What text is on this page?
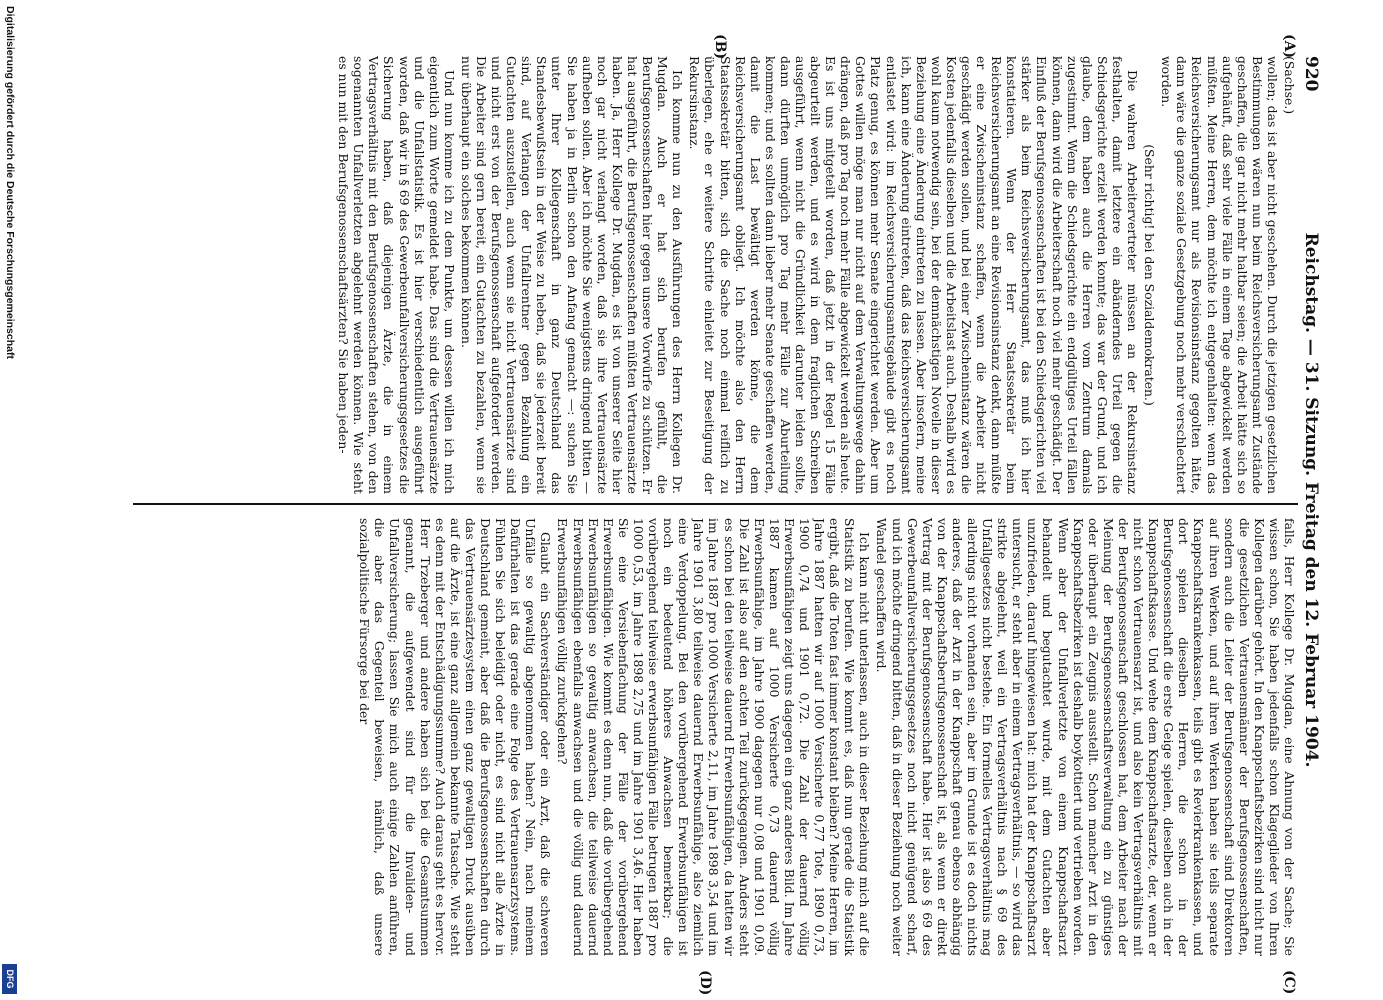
920
Reichstag. — 31. Sitzung. Freitag den 12. Februar 1904.
(A)
(B)
(C)
(D)

(Sachse.)

wollen; das ist aber nicht geschehen. Durch die jetzigen gesetzlichen Bestimmungen wären nun beim Reichsversicherungsamt Zustände geschaffen, die gar nicht mehr haltbar seien; die Arbeit hätte sich so aufgehäuft, daß sehr viele Fälle in einem Tage abgewickelt werden müßten. Meine Herren, dem möchte ich entgegenhalten: wenn das Reichsversicherungsamt nur als Revisionsinstanz gegolten hätte, dann wäre die ganze soziale Gesetzgebung noch mehr verschlechtert worden.

(Sehr richtig! bei den Sozialdemokraten.)

Die wahren Arbeitervertreter müssen an der Rekursinstanz festhalten, damit letztere ein abänderndes Urteil gegen die Schiedsgerichte erzielt werden konnte; das war der Grund, und ich glaube, dem haben auch die Herren vom Zentrum damals zugestimmt. Wenn die Schiedsgerichte ein endgültiges Urteil fällen können, dann wird die Arbeiterschaft noch viel mehr geschädigt. Der Einfluß der Berufsgenossenschaften ist bei den Schiedsgerichten viel stärker als beim Reichsversicherungsamt, das muß ich hier konstatieren. Wenn der Herr Staatssekretär beim Reichsversicherungsamt an eine Revisionsinstanz denkt, dann müßte er eine Zwischeninstanz schaffen, wenn die Arbeiter nicht geschädigt werden sollen, und bei einer Zwischeninstanz wären die Kosten jedenfalls dieselben und die Arbeitslast auch. Deshalb wird es wohl kaum notwendig sein, bei der demnächstigen Novelle in dieser Beziehung eine Änderung eintreten zu lassen. Aber insofern, meine ich, kann eine Änderung eintreten, daß das Reichsversicherungsamt entlastet wird: im Reichsversicherungsamtsgebäude gibt es noch Platz genug, es können mehr Senate eingerichtet werden. Aber um Gottes willen möge man nur nicht auf dem Verwaltungswege dahin drängen, daß pro Tag noch mehr Fälle abgewickelt werden als heute. Es ist uns mitgeteilt worden, daß jetzt in der Regel 15 Fälle abgeurteilt werden, und es wird in dem fraglichen Schreiben ausgeführt, wenn nicht die Gründlichkeit darunter leiden sollte, dann dürften unmöglich pro Tag mehr Fälle zur Aburteilung kommen; und es sollten dann lieber mehr Senate geschaffen werden, damit die Last bewältigt werden könne, die dem Reichsversicherungsamt obliegt. Ich möchte also den Herrn Staatssekretär bitten, sich die Sache noch einmal reiflich zu überlegen, ehe er weitere Schritte einleitet zur Beseitigung der Rekursinstanz.

Ich komme nun zu den Ausführungen des Herrn Kollegen Dr. Mugdan. Auch er hat sich berufen gefühlt, die Berufsgenossenschaften hier gegen unsere Vorwürfe zu schützen. Er hat ausgeführt, die Berufsgenossenschaften müßten Vertrauensärzte haben. Ja, Herr Kollege Dr. Mugdan, es ist von unserer Seite hier noch gar nicht verlangt worden, daß sie ihre Vertrauensärzte aufheben sollen. Aber ich möchte Sie wenigstens dringend bitten — Sie haben ja in Berlin schon den Anfang gemacht —: suchen Sie unter Ihrer Kollegenschaft in ganz Deutschland das Standesbewußtsein in der Weise zu heben, daß sie jederzeit bereit sind, auf Verlangen der Unfallrentner gegen Bezahlung ein Gutachten auszustellen, auch wenn sie nicht Vertrauensärzte sind und nicht erst von der Berufsgenossenschaft aufgefordert werden. Die Arbeiter sind gern bereit, ein Gutachten zu bezahlen, wenn sie nur überhaupt ein solches bekommen können.

Und nun komme ich zu dem Punkte, um dessen willen ich mich eigentlich zum Worte gemeldet habe. Das sind die Vertrauensärzte und die Unfallstatistik. Es ist hier verschiedentlich ausgeführt worden, daß wir in § 69 des Gewerbeunfallversicherungsgesetzes die Sicherung haben, daß diejenigen Ärzte, die in einem Vertragsverhältnis mit den Berufsgenossenschaften stehen, von den sogenannten Unfallverletzten abgelehnt werden können. Wie steht es nun mit den Berufsgenossenschaftsärzten? Sie haben jeden-

falls, Herr Kollege Dr. Mugdan, eine Ahnung von der Sache; Sie wissen schon, Sie haben jedenfalls schon Klageglieder von Ihren Kollegen darüber gehört. In den Knappschaftsbezirken sind nicht nur die gesetzlichen Vertrauensmänner der Berufsgenossenschaften, sondern auch die Leiter der Berufsgenossenschaft sind Direktoren auf ihren Werken, und auf ihren Werken haben sie teils separate Knappschaftskrankenkassen, teils gibt es Revierkrankenkassen, und dort spielen dieselben Herren, die schon in der Berufsgenossenschaft die erste Geige spielen, dieselben auch in der Knappschaftskasse. Und wehe dem Knappschaftsarzte, der, wenn er nicht schon Vertrauensarzt ist, und also kein Vertragsverhältnis mit der Berufsgenossenschaft geschlossen hat, dem Arbeiter nach der Meinung der Berufsgenossenschaftsverwaltung ein zu günstiges oder überhaupt ein Zeugnis ausstellt. Schon mancher Arzt in den Knappschaftsbezirken ist deshalb boykottiert und vertrieben worden. Wenn aber der Unfallverletzte von einem Knappschaftsarzt behandelt und begutachtet wurde, mit dem Gutachten aber unzufrieden, darauf hingewiesen hat: mich hat der Knappschaftsarzt untersucht, er steht aber in einem Vertragsverhältnis, — so wird das strikte abgelehnt, weil ein Vertragsverhältnis nach § 69 des Unfallgesetzes nicht bestehe. Ein formelles Vertragsverhältnis mag allerdings nicht vorhanden sein, aber im Grunde ist es doch nichts anderes, daß der Arzt in der Knappschaft genau ebenso abhängig von der Knappschaftsberufsgenossenschaft ist, als wenn er direkt Vertrag mit der Berufsgenossenschaft habe. Hier ist also § 69 des Gewerbeunfallversicherungsgesetzes noch nicht genügend scharf, und ich möchte dringend bitten, daß in dieser Beziehung noch weiter Wandel geschaffen wird.

Ich kann nicht unterlassen, auch in dieser Beziehung mich auf die Statistik zu berufen. Wie kommt es, daß nun gerade die Statistik ergibt, daß die Toten fast immer konstant bleiben? Meine Herren, im Jahre 1887 hatten wir auf 1000 Versicherte 0,77 Tote, 1890 0,73, 1900 0,74 und 1901 0,72. Die Zahl der dauernd völlig Erwerbsunfähigen zeigt uns dagegen ein ganz anderes Bild. Im Jahre 1887 kamen auf 1000 Versicherte 0,73 dauernd völlig Erwerbsunfähige, im Jahre 1900 dagegen nur 0,08 und 1901 0,09. Die Zahl ist also auf den achten Teil zurückgegangen. Anders steht es schon bei den teilweise dauernd Erwerbsunfähigen, da hatten wir im Jahre 1887 pro 1000 Versicherte 2,11, im Jahre 1898 3,54 und im Jahre 1901 3,80 teilweise dauernd Erwerbsunfähige, also ziemlich eine Verdoppelung. Bei den vorübergehend Erwerbsunfähigen ist noch ein bedeutend höheres Anwachsen bemerkbar; die vorübergehend teilweise erwerbsunfähigen Fälle betrugen 1887 pro 1000 0,53, im Jahre 1898 2,75 und im Jahre 1901 3,46. Hier haben Sie eine Versiebenfachung der Fälle der vorübergehend Erwerbsunfähigen. Wie kommt es denn nun, daß die vorübergehend Erwerbsunfähigen so gewaltig anwachsen, die teilweise dauernd Erwerbsunfähigen ebenfalls anwachsen und die völlig und dauernd Erwerbsunfähigen völlig zurückgehen?

Glaubt ein Sachverständiger oder ein Arzt, daß die schweren Unfälle so gewaltig abgenommen haben? Nein, nach meinem Dafürhalten ist das gerade eine Folge des Vertrauensarztsystems. Fühlen Sie sich beleidigt oder nicht, es sind nicht alle Ärzte in Deutschland gemeint, aber daß die Berufsgenossenschaften durch das Vertrauensärztesystem einen ganz gewaltigen Druck ausüben auf die Ärzte, ist eine ganz allgemein bekannte Tatsache. Wie steht es denn mit der Entschädigungssumme? Auch daraus geht es hervor. Herr Trzeberger und andere haben sich bei die Gesamtsummen genannt, die aufgewendet sind für die Invaliden- und Unfallversicherung; lassen Sie mich auch einige Zahlen anführen, die aber das Gegenteil beweisen, nämlich, daß unsere sozialpolitische Fürsorge bei der

Digitalisierung gefördert durch die Deutsche Forschungsgemeinschaft
DFG
